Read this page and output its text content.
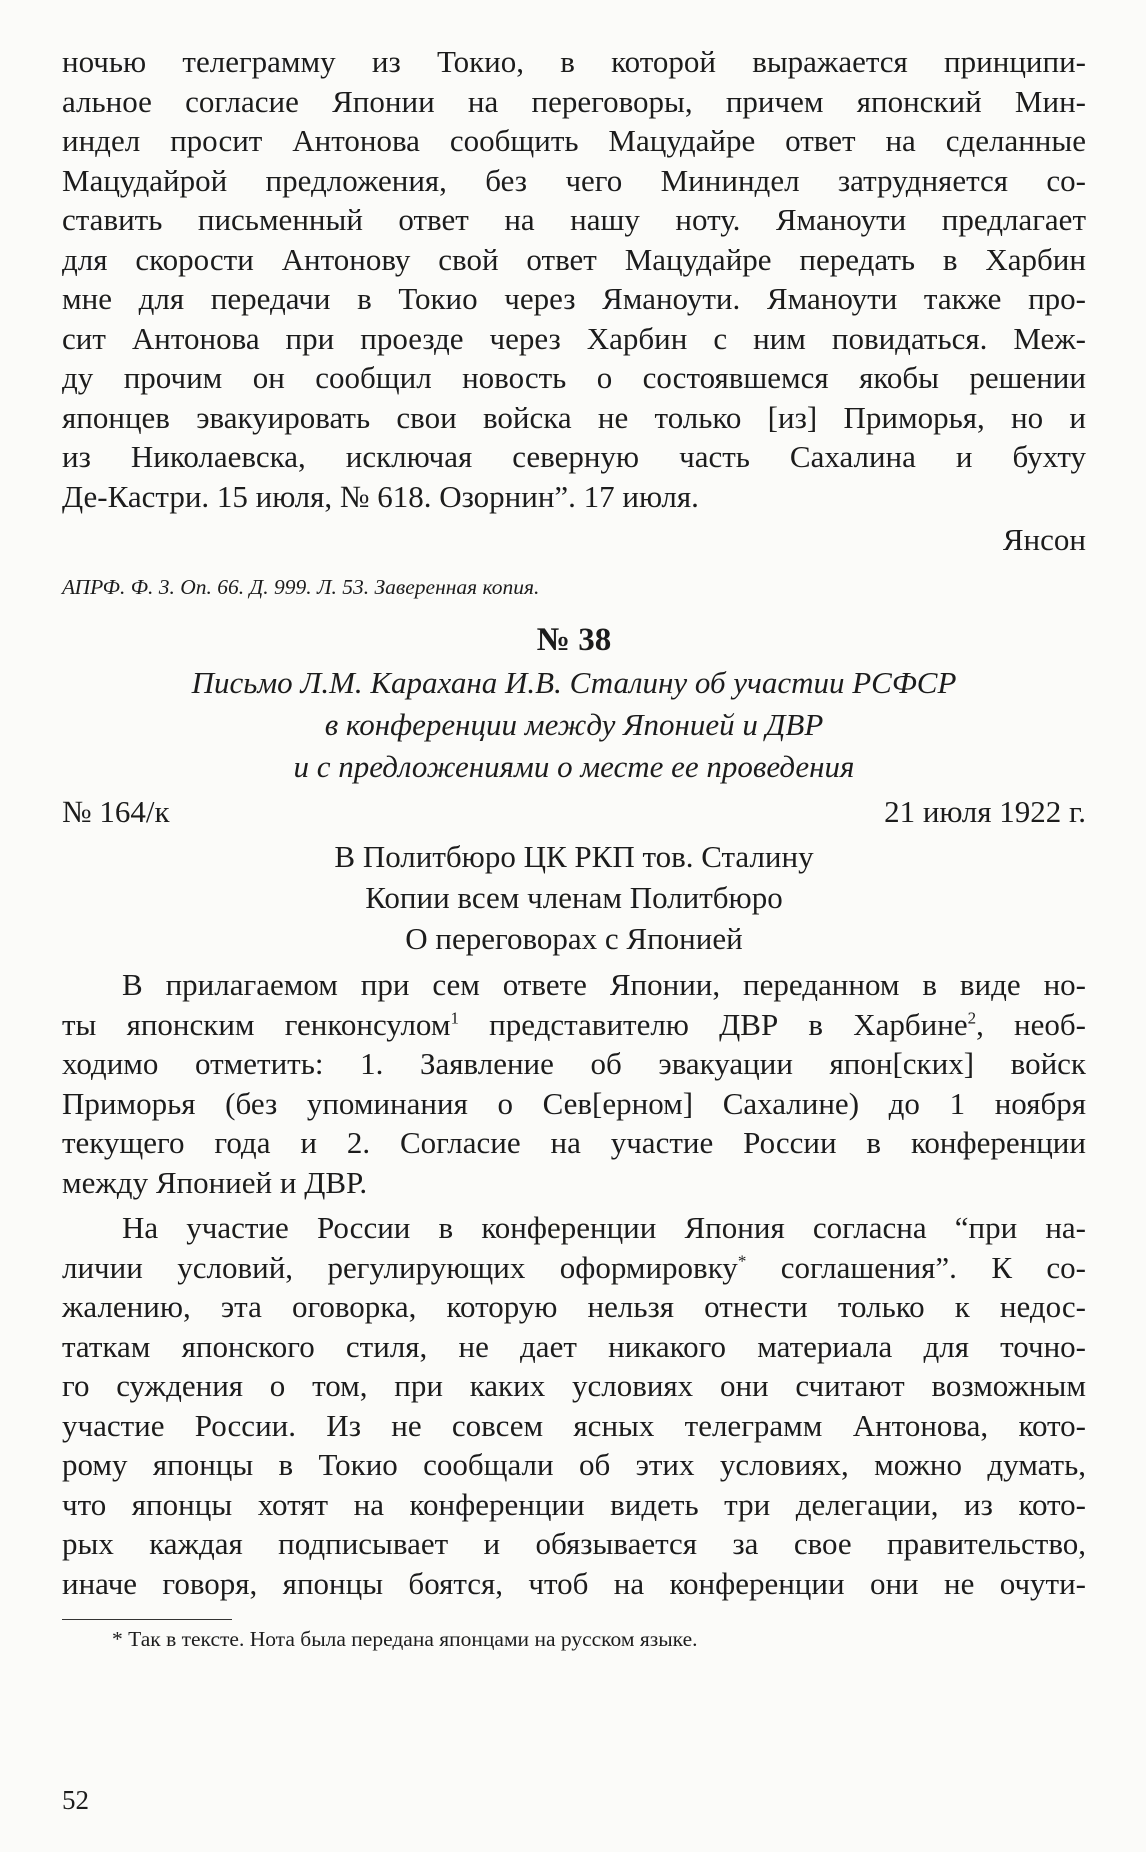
ночью телеграмму из Токио, в которой выражается принципи-
альное согласие Японии на переговоры, причем японский Мин-
индел просит Антонова сообщить Мацудайре ответ на сделанные
Мацудайрой предложения, без чего Мининдел затрудняется со-
ставить письменный ответ на нашу ноту. Яманоути предлагает
для скорости Антонову свой ответ Мацудайре передать в Харбин
мне для передачи в Токио через Яманоути. Яманоути также про-
сит Антонова при проезде через Харбин с ним повидаться. Меж-
ду прочим он сообщил новость о состоявшемся якобы решении
японцев эвакуировать свои войска не только [из] Приморья, но и
из Николаевска, исключая северную часть Сахалина и бухту
Де-Кастри. 15 июля, № 618. Озорнин”. 17 июля.
Янсон
АПРФ. Ф. 3. Оп. 66. Д. 999. Л. 53. Заверенная копия.
№ 38
Письмо Л.М. Карахана И.В. Сталину об участии РСФСР
в конференции между Японией и ДВР
и с предложениями о месте ее проведения
№ 164/к	21 июля 1922 г.
В Политбюро ЦК РКП тов. Сталину
Копии всем членам Политбюро
О переговорах с Японией
В прилагаемом при сем ответе Японии, переданном в виде но-
ты японским генконсулом$^1$ представителю ДВР в Харбине$^2$, необ-
ходимо отметить: 1. Заявление об эвакуации япон[ских] войск
Приморья (без упоминания о Сев[ерном] Сахалине) до 1 ноября
текущего года и 2. Согласие на участие России в конференции
между Японией и ДВР.
На участие России в конференции Япония согласна “при на-
личии условий, регулирующих оформировку* соглашения”. К со-
жалению, эта оговорка, которую нельзя отнести только к недос-
таткам японского стиля, не дает никакого материала для точно-
го суждения о том, при каких условиях они считают возможным
участие России. Из не совсем ясных телеграмм Антонова, кото-
рому японцы в Токио сообщали об этих условиях, можно думать,
что японцы хотят на конференции видеть три делегации, из кото-
рых каждая подписывает и обязывается за свое правительство,
иначе говоря, японцы боятся, чтоб на конференции они не очути-
* Так в тексте. Нота была передана японцами на русском языке.
52
